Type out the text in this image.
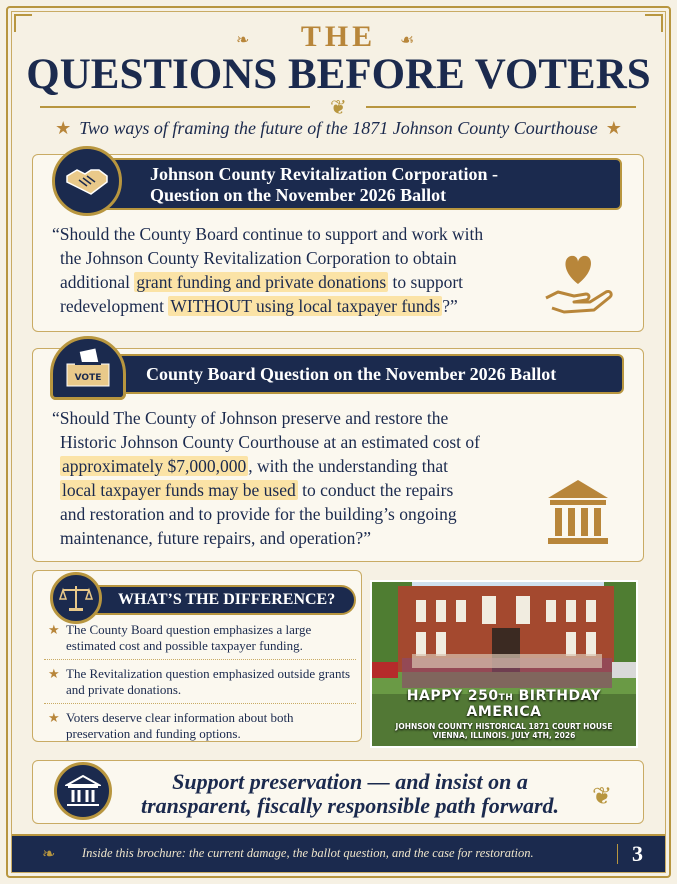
❧	THE	☙
QUESTIONS BEFORE VOTERS
❦
★ Two ways of framing the future of the 1871 Johnson County Courthouse ★
Johnson County Revitalization Corporation -
Question on the November 2026 Ballot
“Should the County Board continue to support and work with
the Johnson County Revitalization Corporation to obtain
additional grant funding and private donations to support
redevelopment WITHOUT using local taxpayer funds ?”
County Board Question on the November 2026 Ballot
VOTE
“Should The County of Johnson preserve and restore the
Historic Johnson County Courthouse at an estimated cost of
approximately $7,000,000 , with the understanding that
local taxpayer funds may be used to conduct the repairs
and restoration and to provide for the building’s ongoing
maintenance, future repairs, and operation?”
WHAT’S THE DIFFERENCE?
★ The County Board question emphasizes a large estimated cost and possible taxpayer funding.
★ The Revitalization question emphasized outside grants and private donations.
★ Voters deserve clear information about both preservation and funding options.
HAPPY 250TH BIRTHDAY AMERICA
JOHNSON COUNTY HISTORICAL 1871 COURT HOUSE
VIENNA, ILLINOIS. JULY 4TH, 2026
Support preservation — and insist on a
transparent, fiscally responsible path forward.	❦
❧ Inside this brochure: the current damage, the ballot question, and the case for restoration.	3
